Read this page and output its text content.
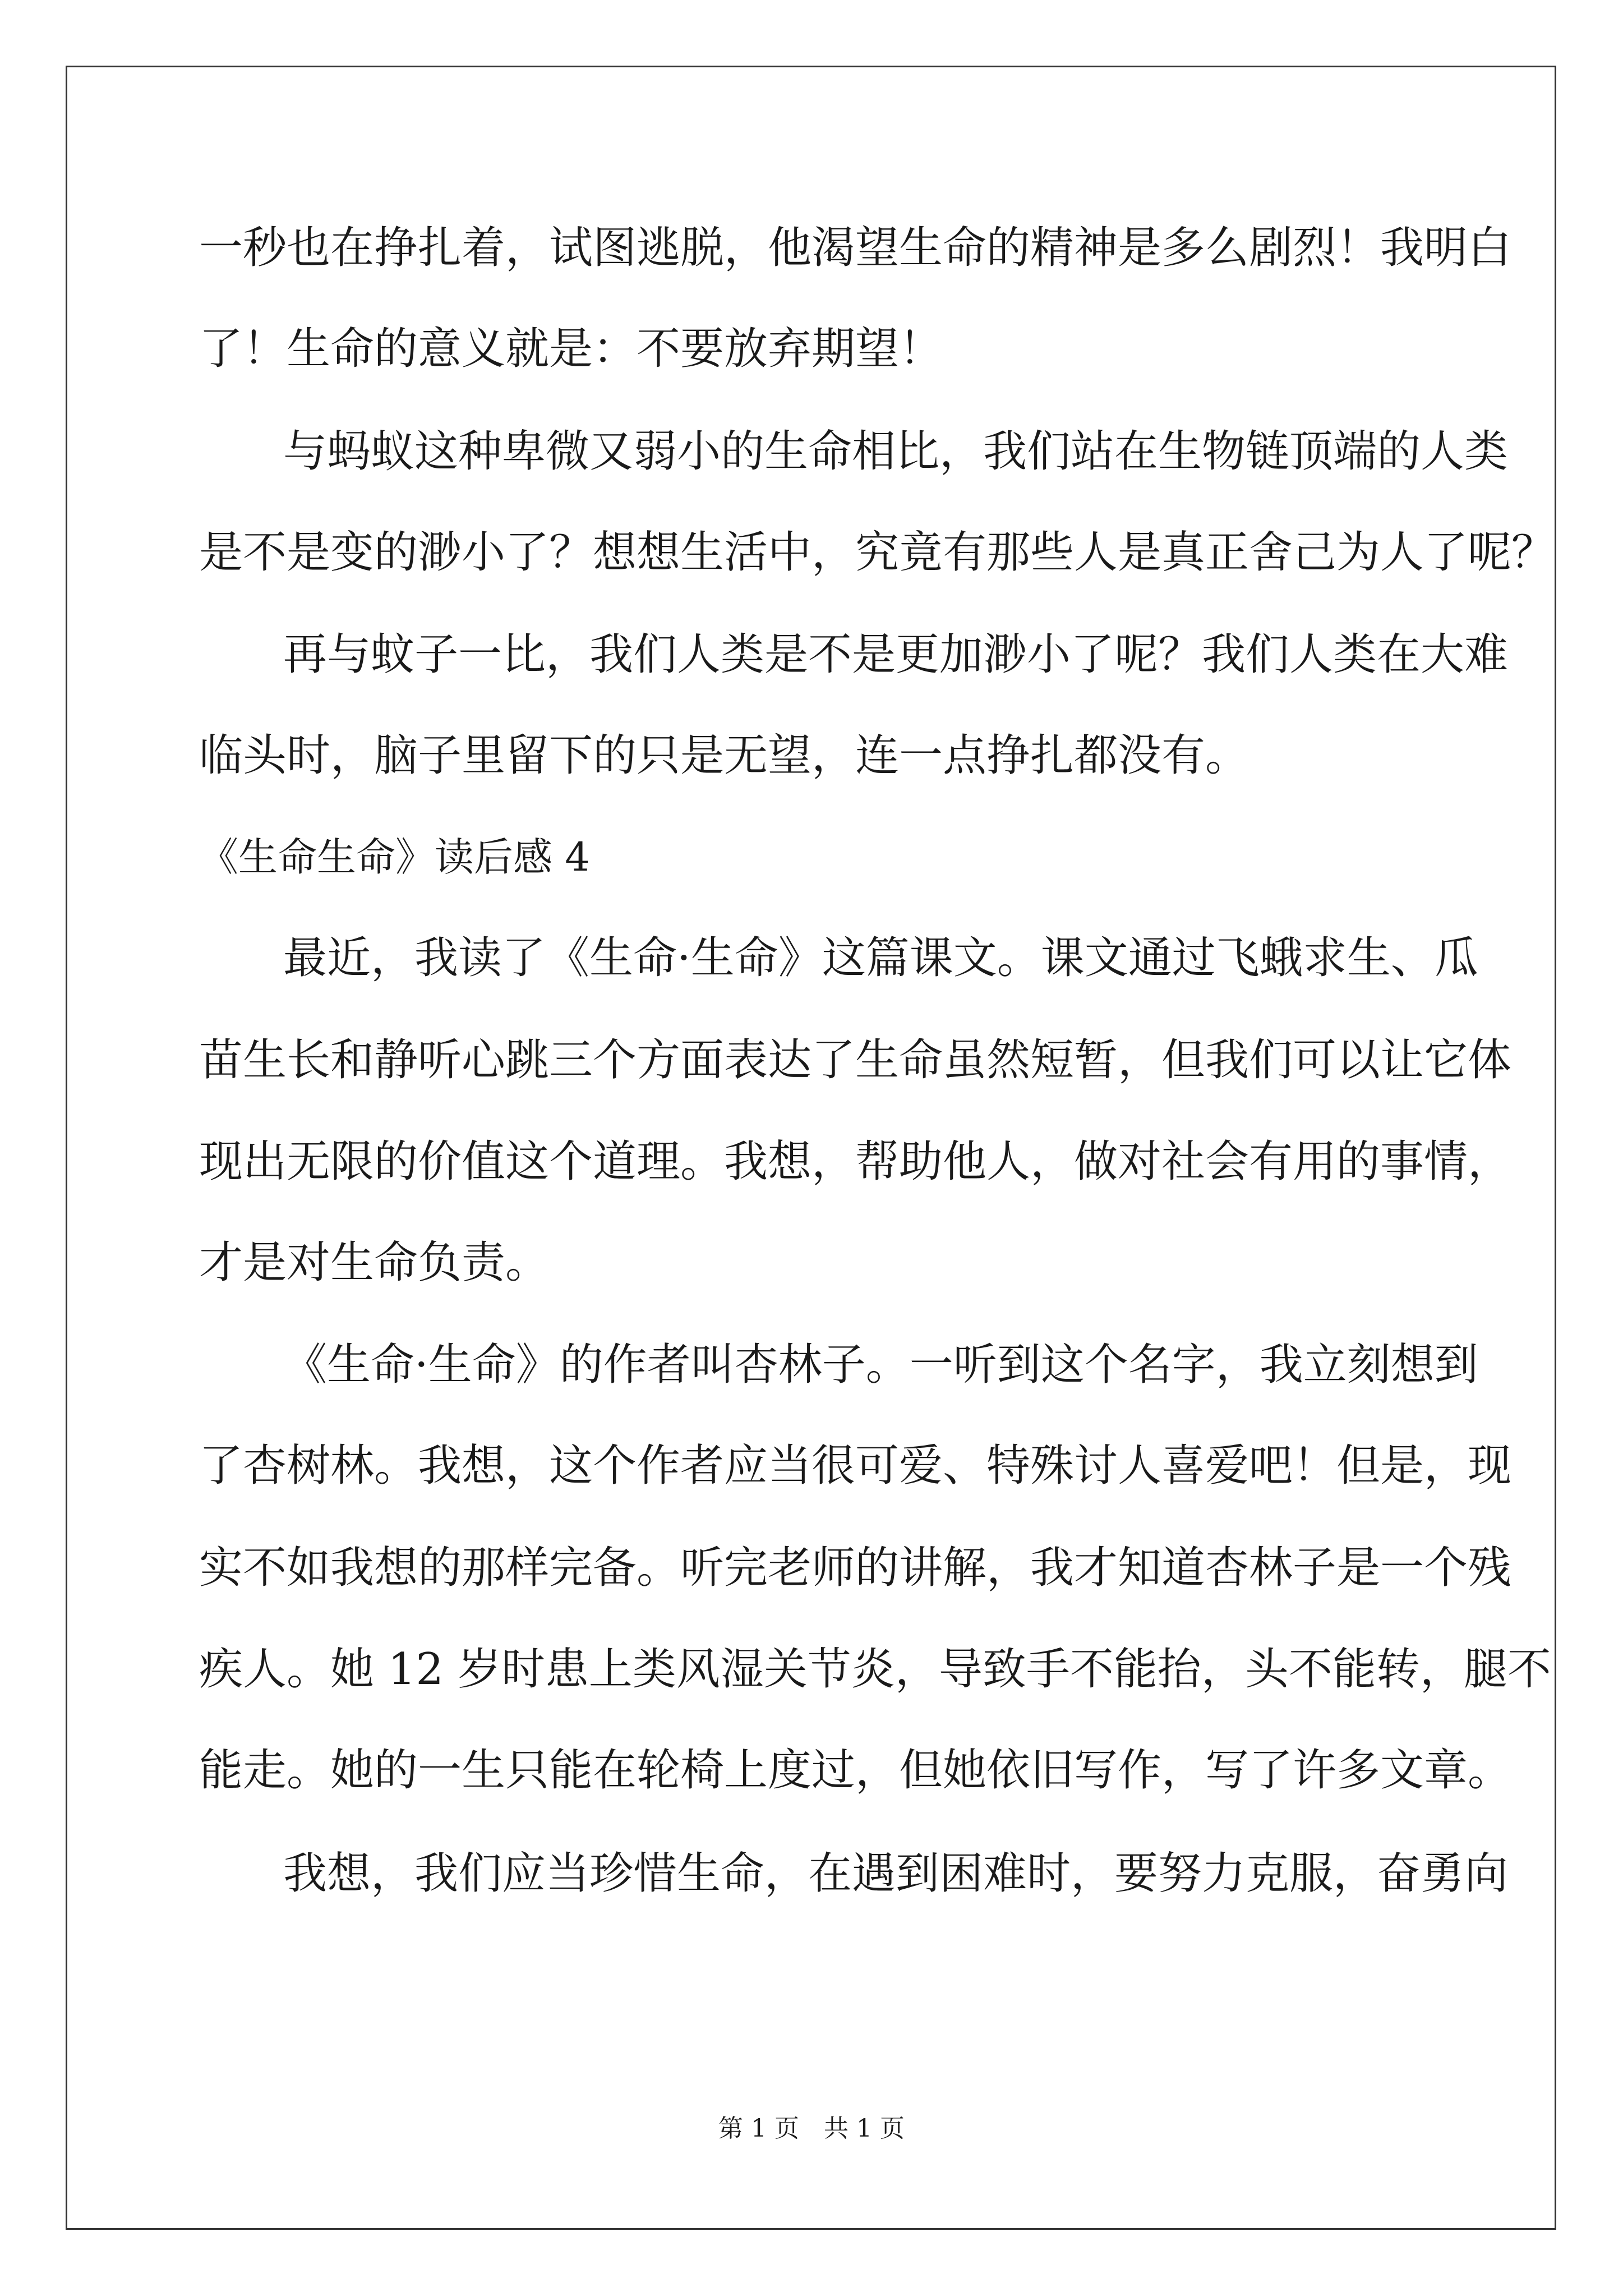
一秒也在挣扎着，试图逃脱，他渴望生命的精神是多么剧烈！我明白
了！生命的意义就是：不要放弃期望！
与蚂蚁这种卑微又弱小的生命相比，我们站在生物链顶端的人类
是不是变的渺小了？想想生活中，究竟有那些人是真正舍己为人了呢？
再与蚊子一比，我们人类是不是更加渺小了呢？我们人类在大难
临头时，脑子里留下的只是无望，连一点挣扎都没有。
《生命生命》读后感 4
最近，我读了《生命·生命》这篇课文。课文通过飞蛾求生、瓜
苗生长和静听心跳三个方面表达了生命虽然短暂，但我们可以让它体
现出无限的价值这个道理。我想，帮助他人，做对社会有用的事情，
才是对生命负责。
《生命·生命》的作者叫杏林子。一听到这个名字，我立刻想到
了杏树林。我想，这个作者应当很可爱、特殊讨人喜爱吧！但是，现
实不如我想的那样完备。听完老师的讲解，我才知道杏林子是一个残
疾人。她 12 岁时患上类风湿关节炎，导致手不能抬，头不能转，腿不
能走。她的一生只能在轮椅上度过，但她依旧写作，写了许多文章。
我想，我们应当珍惜生命，在遇到困难时，要努力克服，奋勇向
第 1 页　共 1 页
